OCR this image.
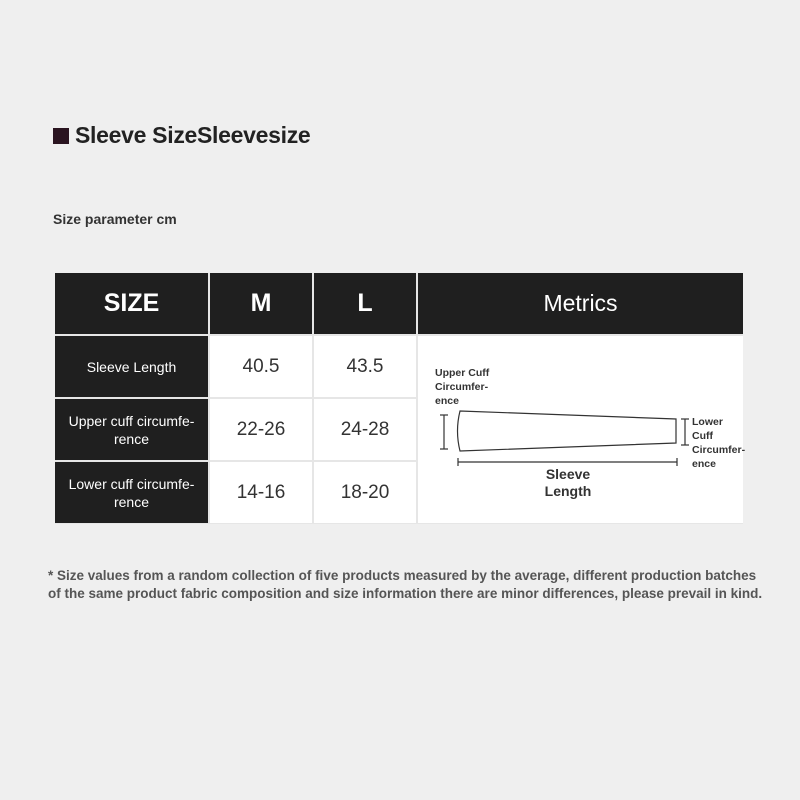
Sleeve SizeSleevesize
Size parameter cm
SIZE	M	L	Metrics
Sleeve Length	40.5	43.5	Upper Cuff
Circumfer-
ence
Lower Cuff
Circumfer-
ence
Sleeve
Length
Upper cuff circumfe-
rence	22-26	24-28
Lower cuff circumfe-
rence	14-16	18-20
* Size values from a random collection of five products measured by the average, different production batches of the same product fabric composition and size information there are minor differences, please prevail in kind.
